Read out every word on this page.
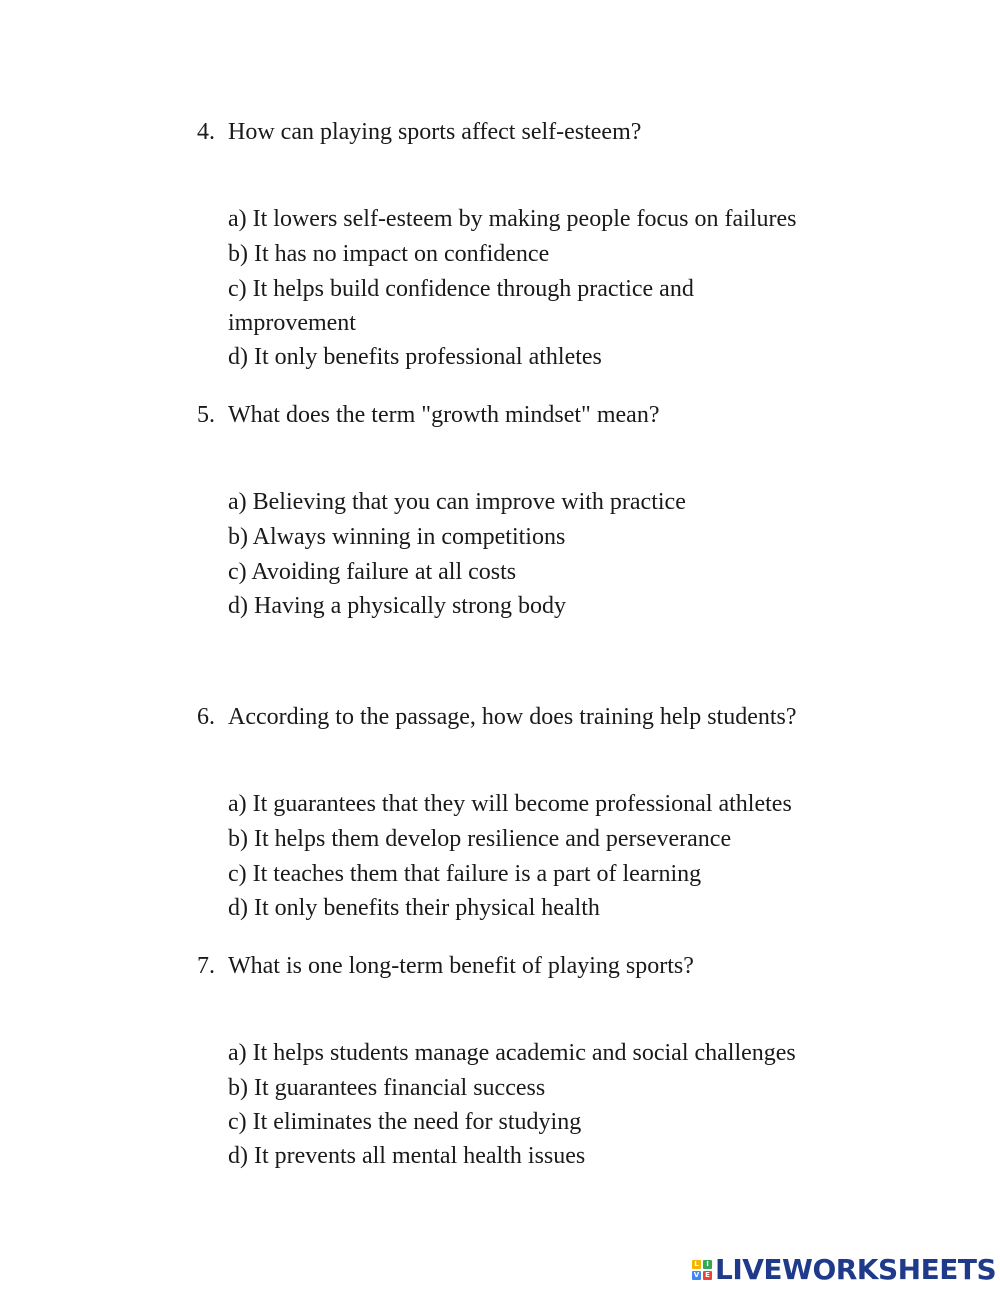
4. How can playing sports affect self-esteem?
a) It lowers self-esteem by making people focus on failures
b) It has no impact on confidence
c) It helps build confidence through practice and
improvement
d) It only benefits professional athletes
5. What does the term "growth mindset" mean?
a) Believing that you can improve with practice
b) Always winning in competitions
c) Avoiding failure at all costs
d) Having a physically strong body
6. According to the passage, how does training help students?
a) It guarantees that they will become professional athletes
b) It helps them develop resilience and perseverance
c) It teaches them that failure is a part of learning
d) It only benefits their physical health
7. What is one long-term benefit of playing sports?
a) It helps students manage academic and social challenges
b) It guarantees financial success
c) It eliminates the need for studying
d) It prevents all mental health issues
L	I
V E LIVEWORKSHEETS
